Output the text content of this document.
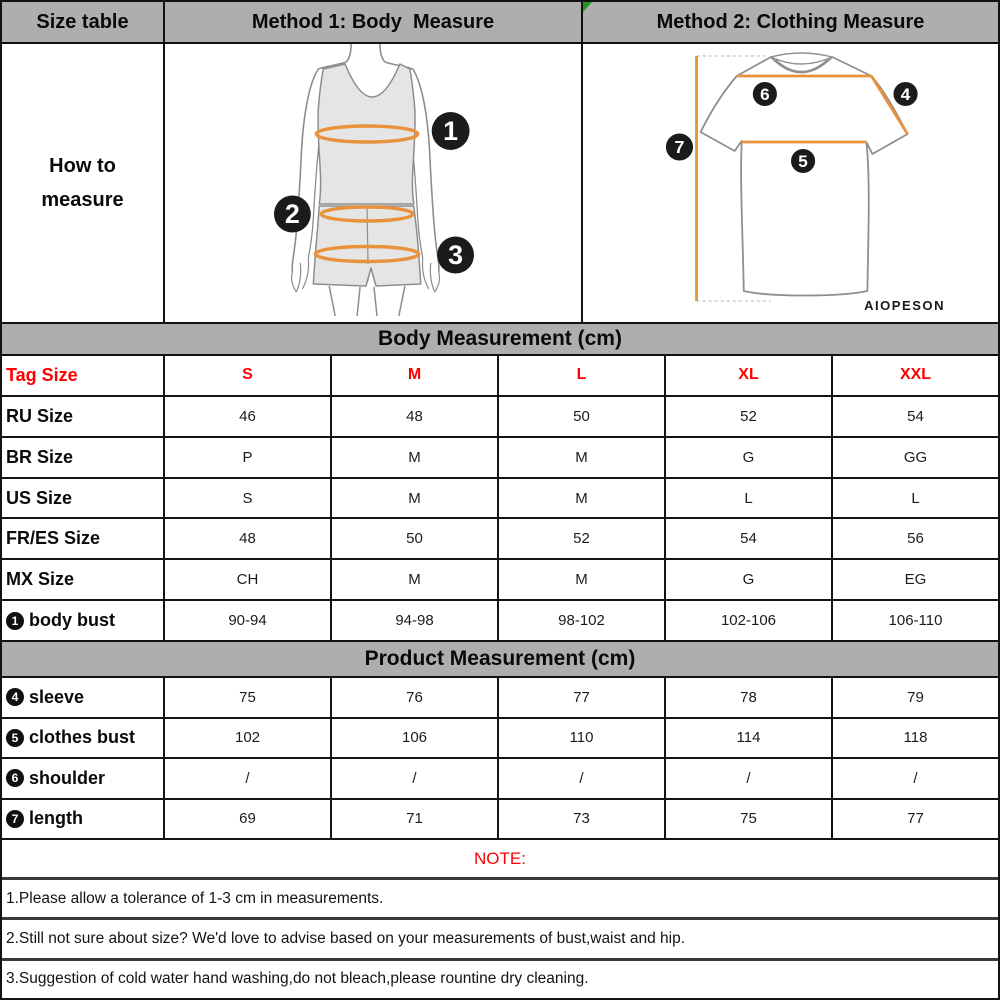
Size table	Method 1: Body  Measure	Method 2: Clothing Measure
How to
measure
1
2
3
6	4
7
5
AIOPESON
Body Measurement (cm)
Tag Size	S	M	L	XL	XXL
RU Size	46	48	50	52	54
BR Size	P	M	M	G	GG
US Size	S	M	M	L	L
FR/ES Size	48	50	52	54	56
MX Size	CH	M	M	G	EG
1 body bust	90-94	94-98	98-102	102-106	106-110
Product Measurement (cm)
4 sleeve	75	76	77	78	79
5 clothes bust	102	106	110	114	118
6 shoulder	/	/	/	/	/
7 length	69	71	73	75	77
NOTE:
1.Please allow a tolerance of 1-3 cm in measurements.
2.Still not sure about size? We'd love to advise based on your measurements of bust,waist and hip.
3.Suggestion of cold water hand washing,do not bleach,please rountine dry cleaning.
